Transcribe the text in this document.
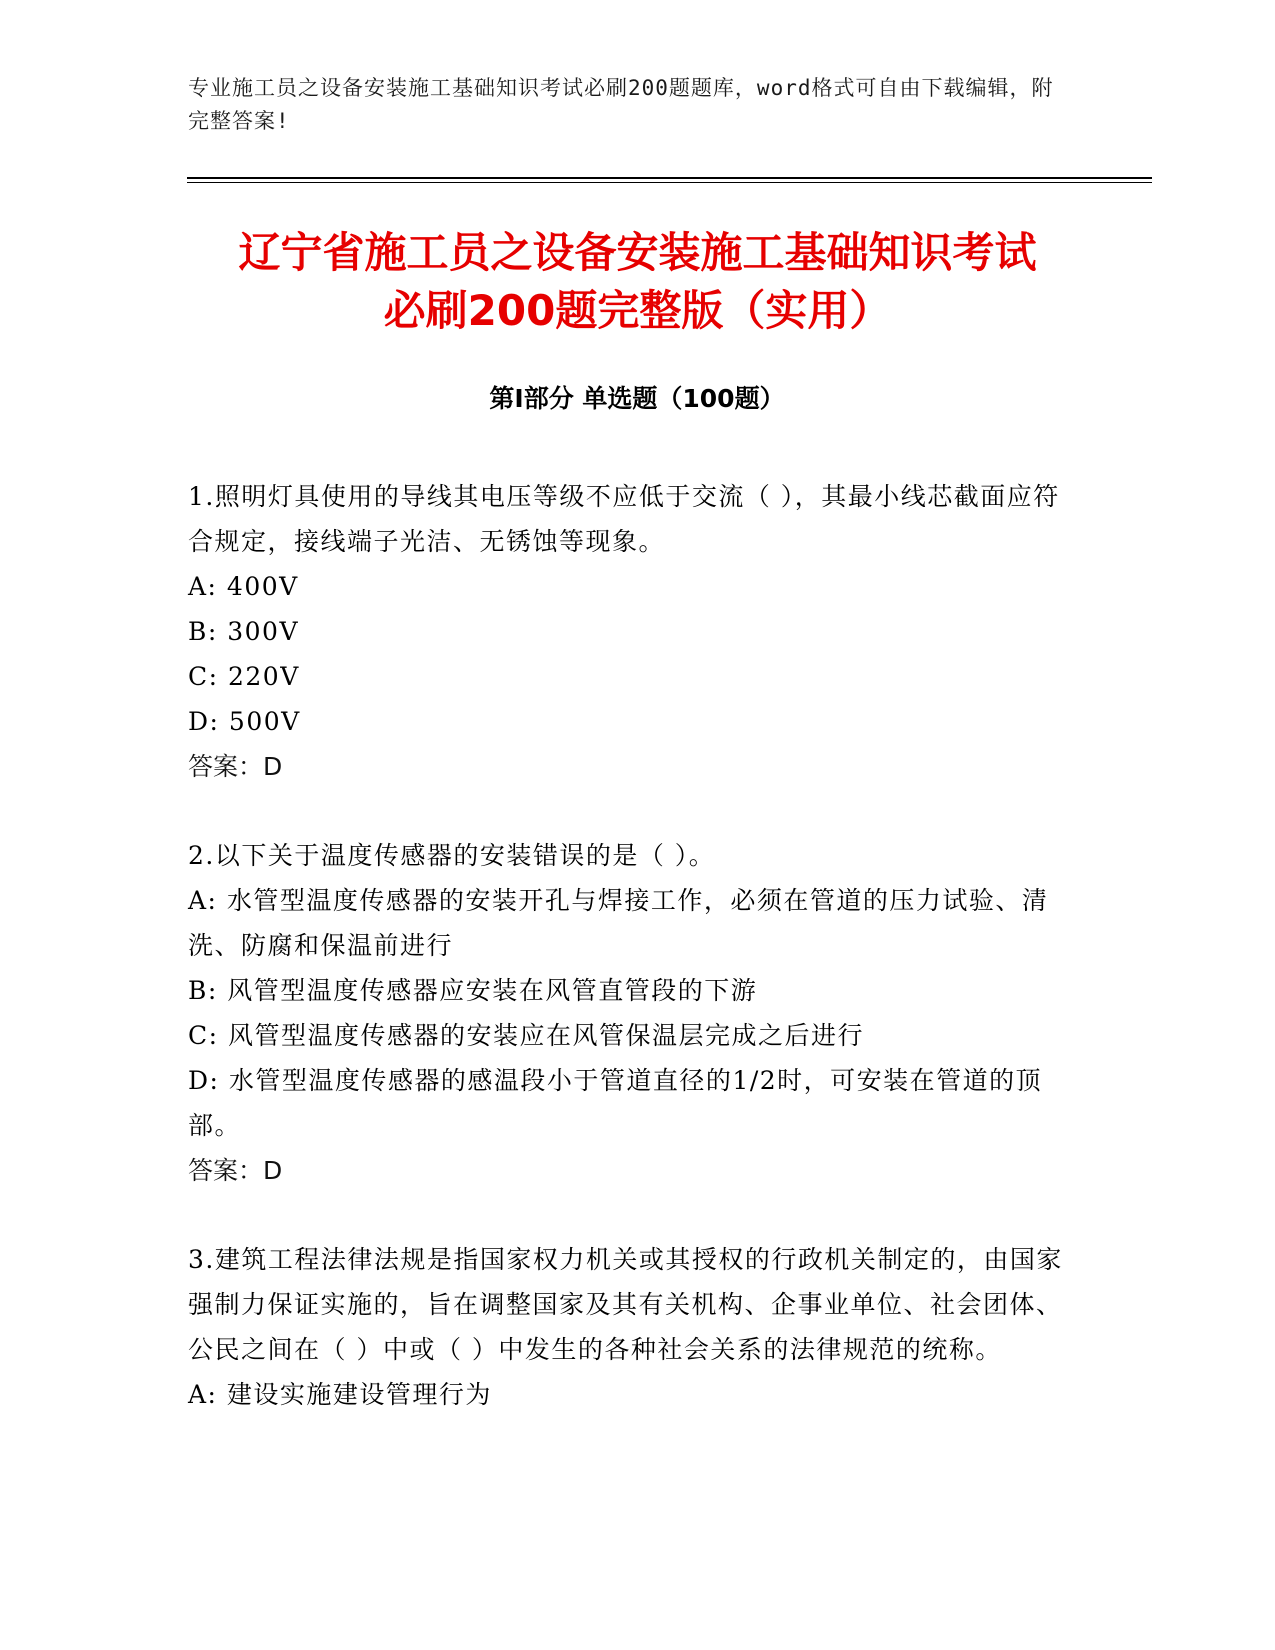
专业施工员之设备安装施工基础知识考试必刷200题题库，word格式可自由下载编辑，附完整答案!

辽宁省施工员之设备安装施工基础知识考试
必刷200题完整版（实用）
第I部分 单选题（100题）

1.照明灯具使用的导线其电压等级不应低于交流（ ），其最小线芯截面应符合规定，接线端子光洁、无锈蚀等现象。

A: 400V

B: 300V

C: 220V

D: 500V

答案：D

2.以下关于温度传感器的安装错误的是（ ）。

A: 水管型温度传感器的安装开孔与焊接工作，必须在管道的压力试验、清洗、防腐和保温前进行

B: 风管型温度传感器应安装在风管直管段的下游

C: 风管型温度传感器的安装应在风管保温层完成之后进行

D: 水管型温度传感器的感温段小于管道直径的1/2时，可安装在管道的顶部。

答案：D

3.建筑工程法律法规是指国家权力机关或其授权的行政机关制定的，由国家强制力保证实施的，旨在调整国家及其有关机构、企事业单位、社会团体、公民之间在（ ）中或（ ）中发生的各种社会关系的法律规范的统称。

A: 建设实施建设管理行为
